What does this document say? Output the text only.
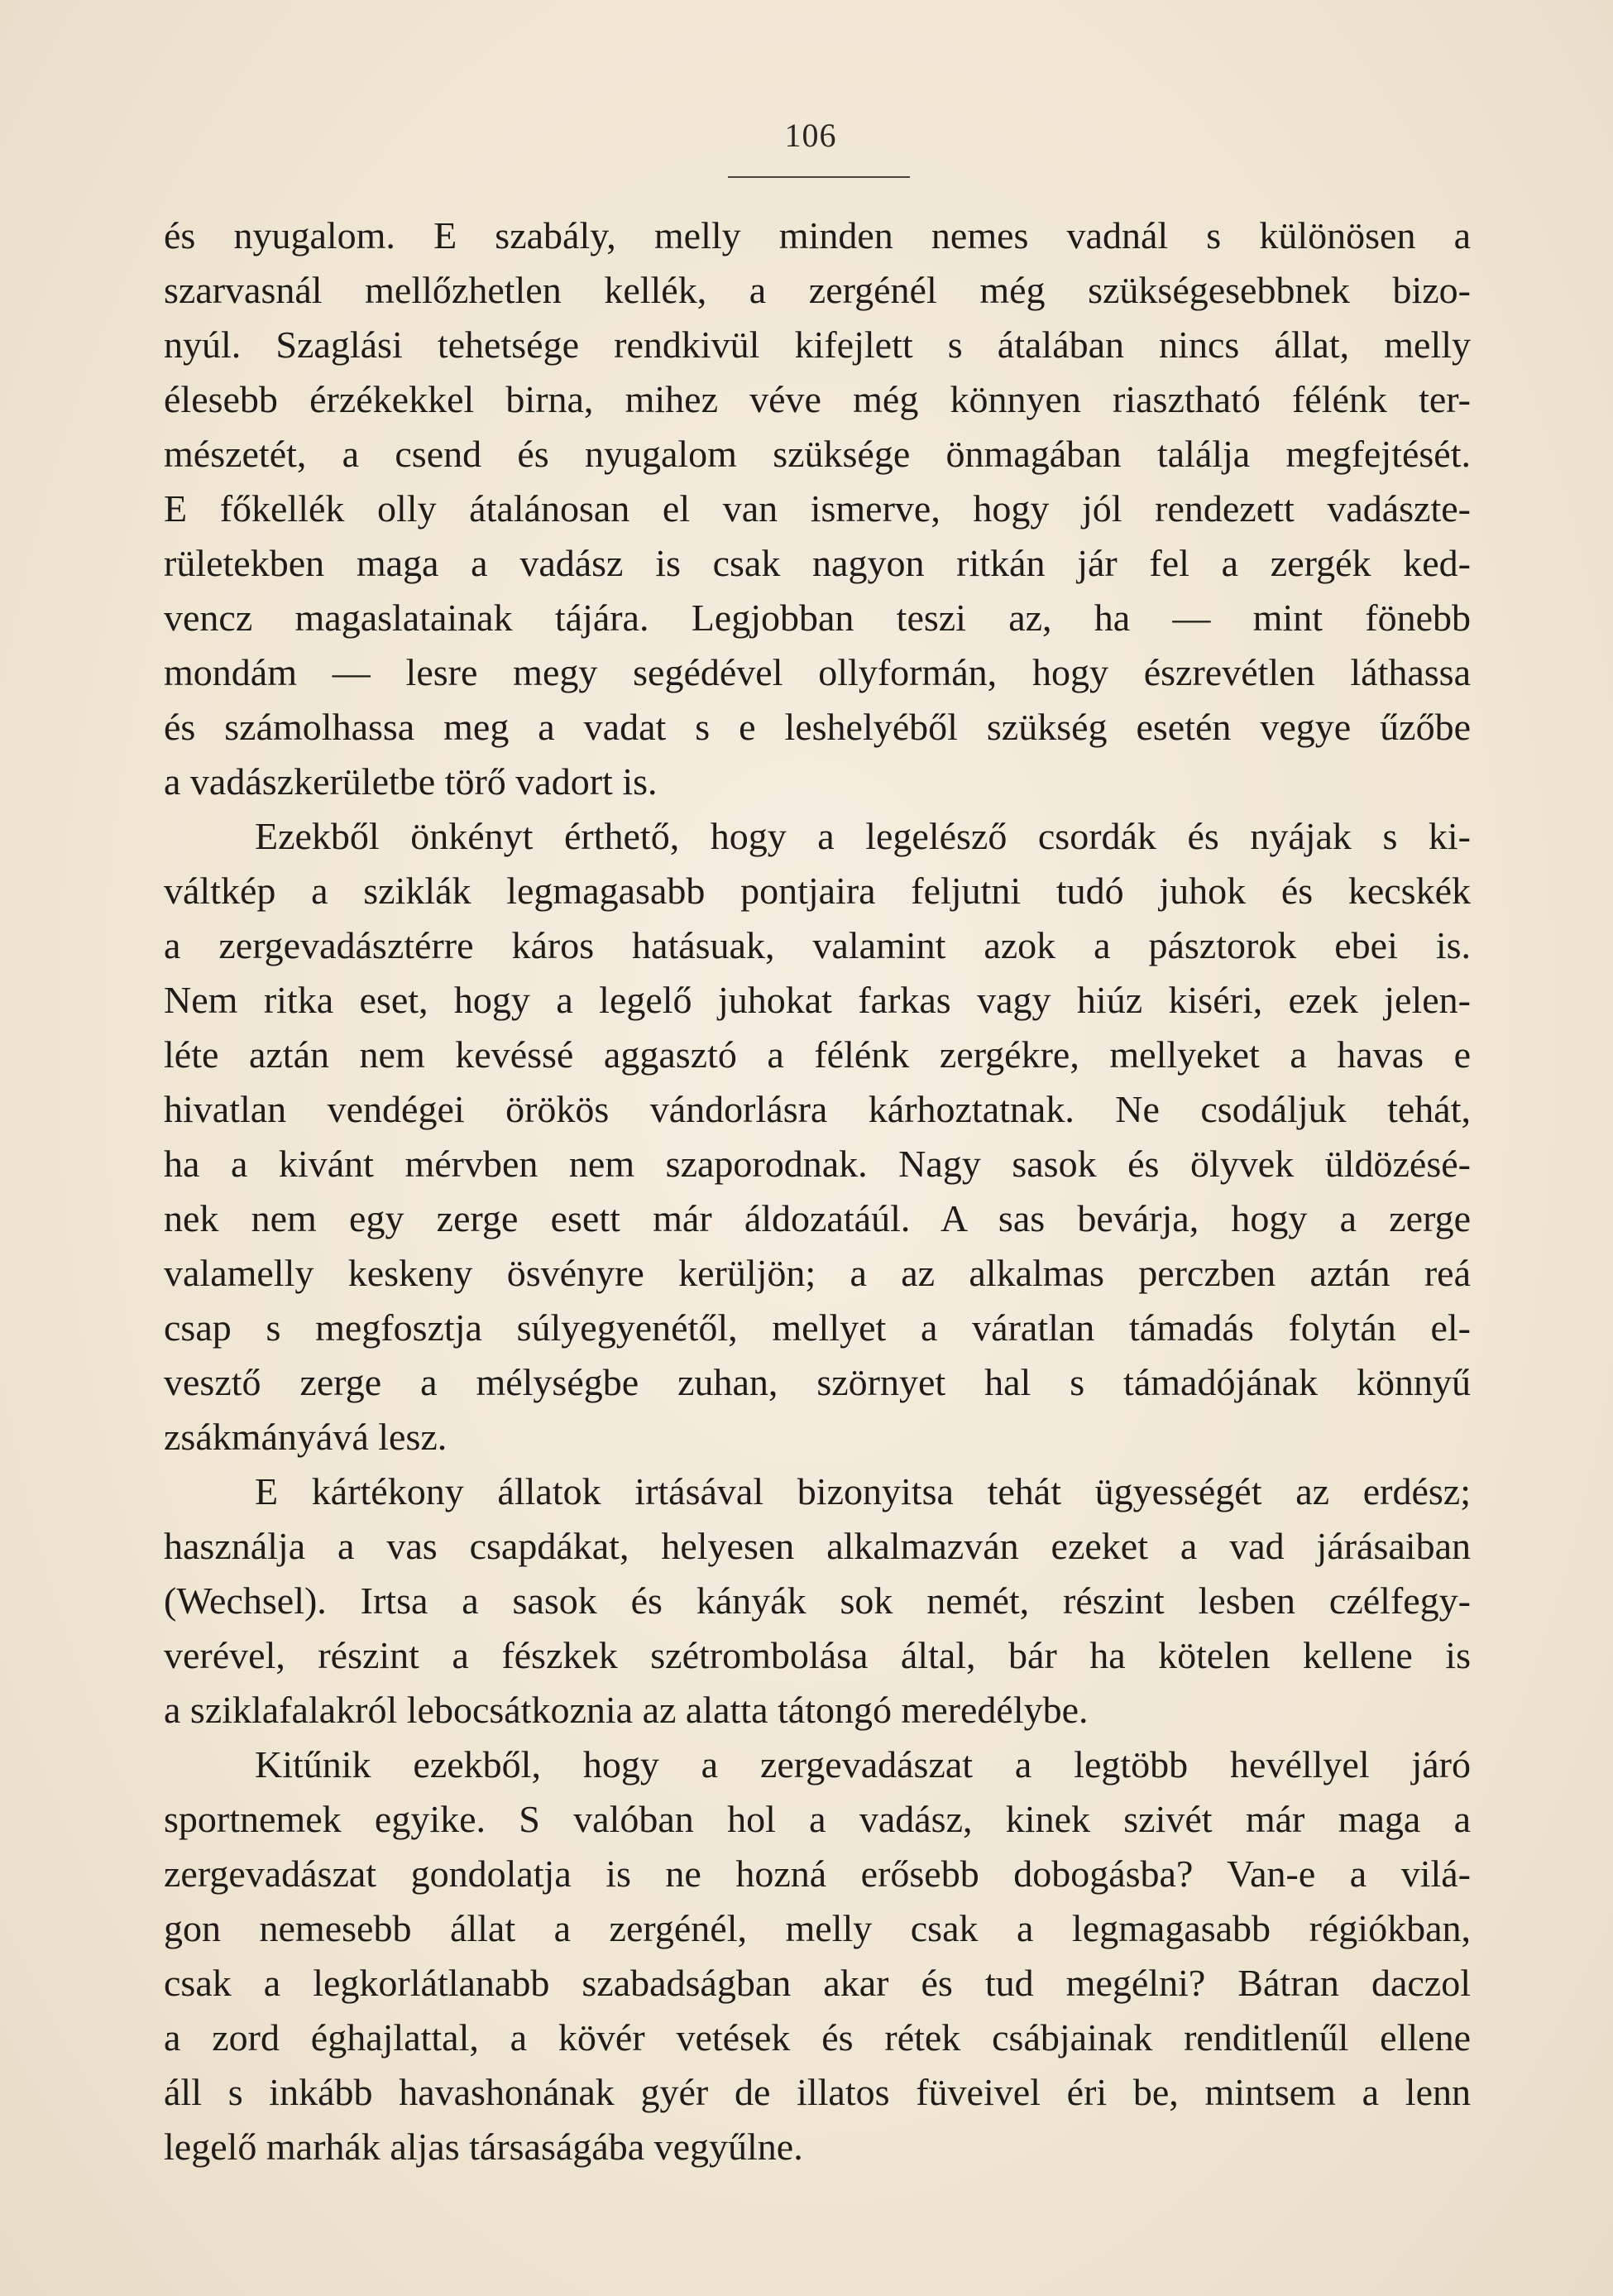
106
és nyugalom. E szabály, melly minden nemes vadnál s különösen a
szarvasnál mellőzhetlen kellék, a zergénél még szükségesebbnek bizo-
nyúl. Szaglási tehetsége rendkivül kifejlett s átalában nincs állat, melly
élesebb érzékekkel birna, mihez véve még könnyen riasztható félénk ter-
mészetét, a csend és nyugalom szüksége önmagában találja megfejtését.
E főkellék olly átalánosan el van ismerve, hogy jól rendezett vadászte-
rületekben maga a vadász is csak nagyon ritkán jár fel a zergék ked-
vencz magaslatainak tájára. Legjobban teszi az, ha — mint fönebb
mondám — lesre megy segédével ollyformán, hogy észrevétlen láthassa
és számolhassa meg a vadat s e leshelyéből szükség esetén vegye űzőbe
a vadászkerületbe törő vadort is.
Ezekből önkényt érthető, hogy a legelésző csordák és nyájak s ki-
váltkép a sziklák legmagasabb pontjaira feljutni tudó juhok és kecskék
a zergevadásztérre káros hatásuak, valamint azok a pásztorok ebei is.
Nem ritka eset, hogy a legelő juhokat farkas vagy hiúz kiséri, ezek jelen-
léte aztán nem kevéssé aggasztó a félénk zergékre, mellyeket a havas e
hivatlan vendégei örökös vándorlásra kárhoztatnak. Ne csodáljuk tehát,
ha a kivánt mérvben nem szaporodnak. Nagy sasok és ölyvek üldözésé-
nek nem egy zerge esett már áldozatáúl. A sas bevárja, hogy a zerge
valamelly keskeny ösvényre kerüljön; a az alkalmas perczben aztán reá
csap s megfosztja súlyegyenétől, mellyet a váratlan támadás folytán el-
vesztő zerge a mélységbe zuhan, szörnyet hal s támadójának könnyű
zsákmányává lesz.
E kártékony állatok irtásával bizonyitsa tehát ügyességét az erdész;
használja a vas csapdákat, helyesen alkalmazván ezeket a vad járásaiban
(Wechsel). Irtsa a sasok és kányák sok nemét, részint lesben czélfegy-
verével, részint a fészkek szétrombolása által, bár ha kötelen kellene is
a sziklafalakról lebocsátkoznia az alatta tátongó meredélybe.
Kitűnik ezekből, hogy a zergevadászat a legtöbb hevéllyel járó
sportnemek egyike. S valóban hol a vadász, kinek szivét már maga a
zergevadászat gondolatja is ne hozná erősebb dobogásba? Van-e a vilá-
gon nemesebb állat a zergénél, melly csak a legmagasabb régiókban,
csak a legkorlátlanabb szabadságban akar és tud megélni? Bátran daczol
a zord éghajlattal, a kövér vetések és rétek csábjainak renditlenűl ellene
áll s inkább havashonának gyér de illatos füveivel éri be, mintsem a lenn
legelő marhák aljas társaságába vegyűlne.
